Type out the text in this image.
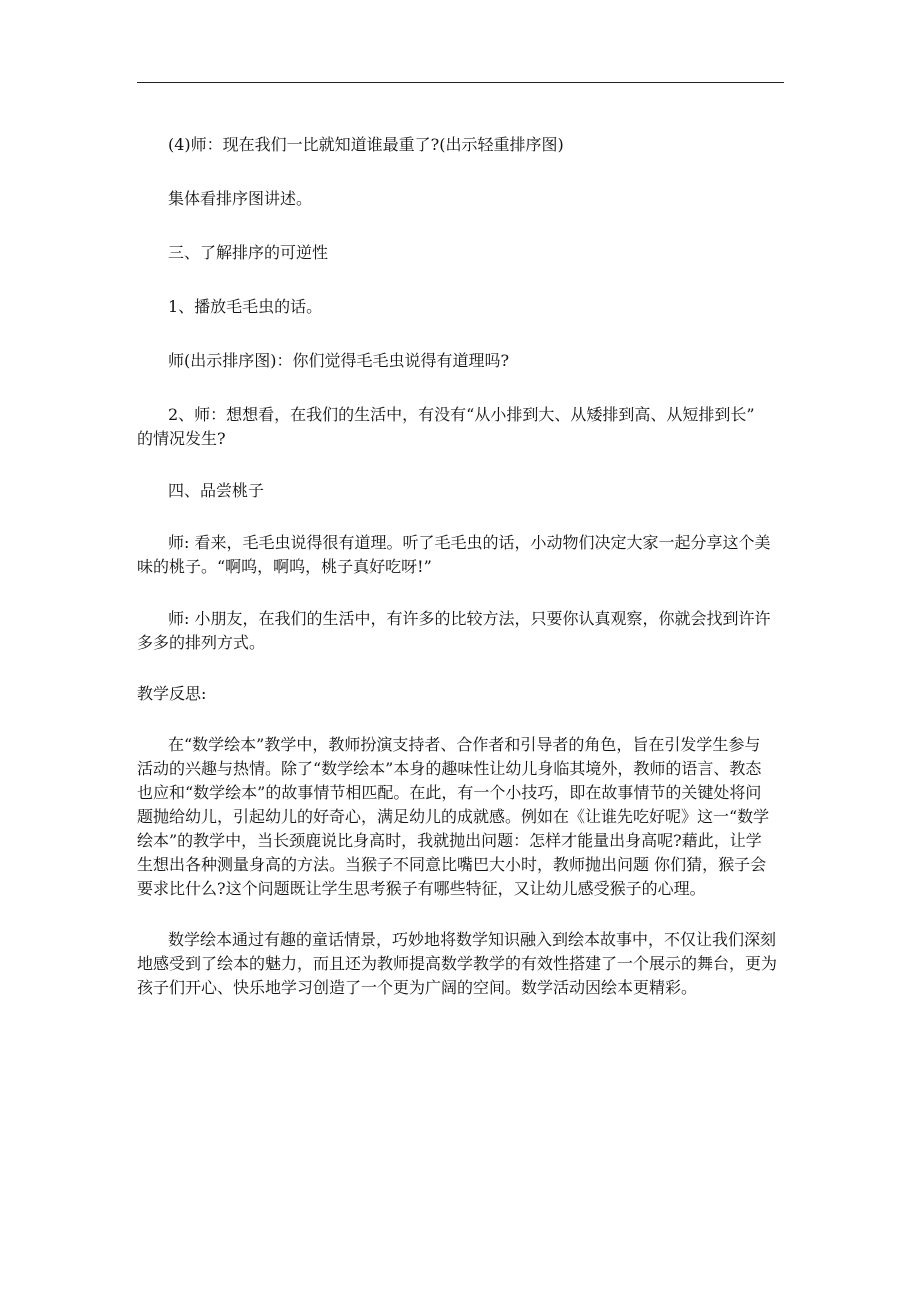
(4)师：现在我们一比就知道谁最重了?(出示轻重排序图)

集体看排序图讲述。

三、了解排序的可逆性

1、播放毛毛虫的话。

师(出示排序图)：你们觉得毛毛虫说得有道理吗?

2、师：想想看，在我们的生活中，有没有“从小排到大、从矮排到高、从短排到长”

的情况发生?

四、品尝桃子

师: 看来，毛毛虫说得很有道理。听了毛毛虫的话，小动物们决定大家一起分享这个美

味的桃子。“啊呜，啊呜，桃子真好吃呀!”

师: 小朋友，在我们的生活中，有许多的比较方法，只要你认真观察，你就会找到许许

多多的排列方式。

教学反思:

在“数学绘本”教学中，教师扮演支持者、合作者和引导者的角色，旨在引发学生参与

活动的兴趣与热情。除了“数学绘本”本身的趣味性让幼儿身临其境外，教师的语言、教态

也应和“数学绘本”的故事情节相匹配。在此，有一个小技巧，即在故事情节的关键处将问

题抛给幼儿，引起幼儿的好奇心，满足幼儿的成就感。例如在《让谁先吃好呢》这一“数学

绘本”的教学中，当长颈鹿说比身高时，我就抛出问题：怎样才能量出身高呢?藉此，让学

生想出各种测量身高的方法。当猴子不同意比嘴巴大小时，教师抛出问题 你们猜，猴子会

要求比什么?这个问题既让学生思考猴子有哪些特征，又让幼儿感受猴子的心理。

数学绘本通过有趣的童话情景，巧妙地将数学知识融入到绘本故事中，不仅让我们深刻

地感受到了绘本的魅力，而且还为教师提高数学教学的有效性搭建了一个展示的舞台，更为

孩子们开心、快乐地学习创造了一个更为广阔的空间。数学活动因绘本更精彩。
